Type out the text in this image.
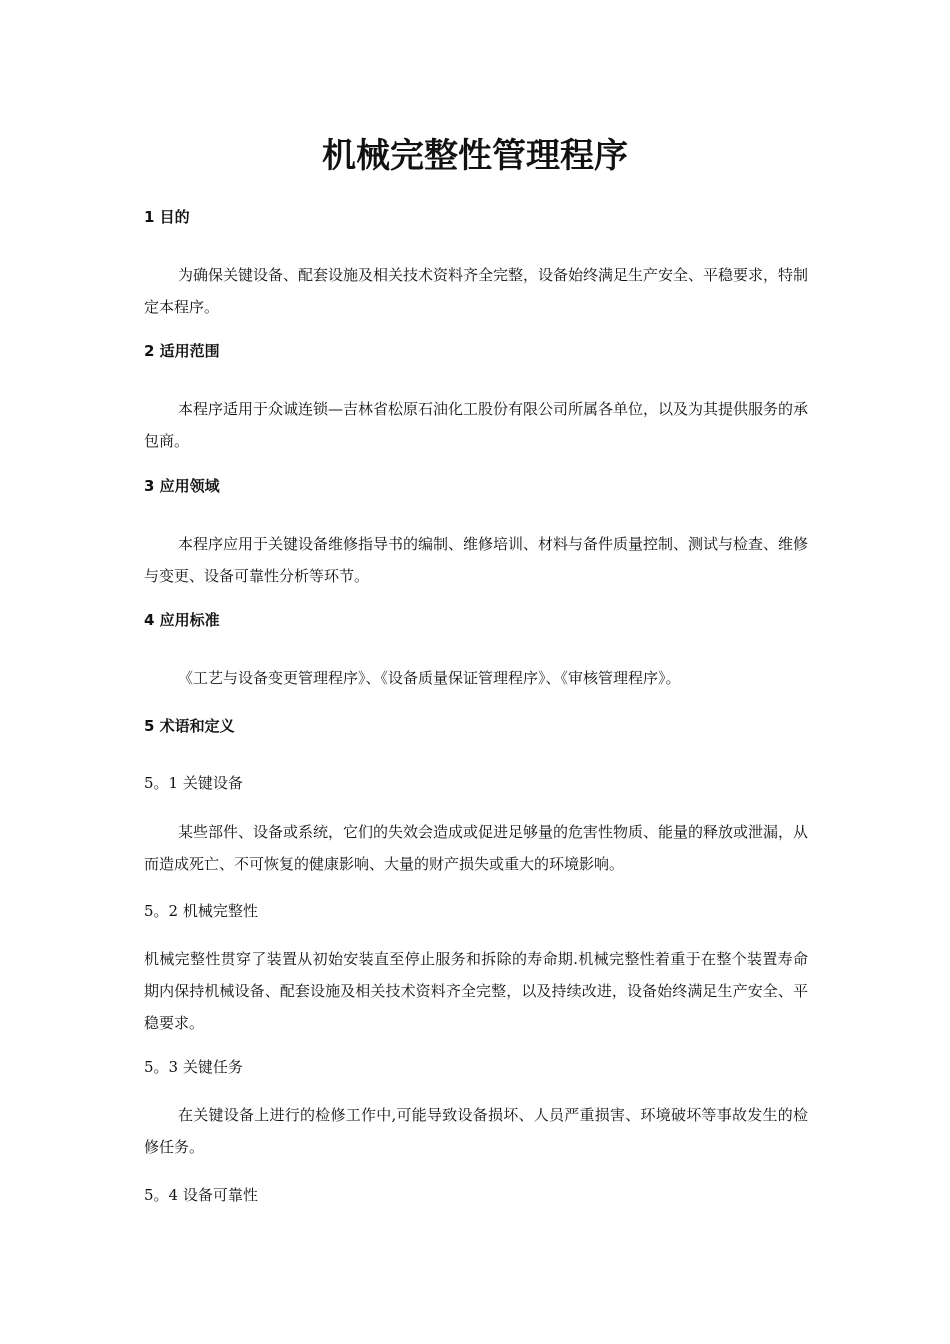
机械完整性管理程序
1 目的
为确保关键设备、配套设施及相关技术资料齐全完整，设备始终满足生产安全、平稳要求，特制定本程序。
2 适用范围
本程序适用于众诚连锁—吉林省松原石油化工股份有限公司所属各单位，以及为其提供服务的承包商。
3 应用领域
本程序应用于关键设备维修指导书的编制、维修培训、材料与备件质量控制、测试与检查、维修与变更、设备可靠性分析等环节。
4 应用标准
《工艺与设备变更管理程序》、《设备质量保证管理程序》、《审核管理程序》。
5 术语和定义
5。1 关键设备
某些部件、设备或系统，它们的失效会造成或促进足够量的危害性物质、能量的释放或泄漏，从而造成死亡、不可恢复的健康影响、大量的财产损失或重大的环境影响。
5。2 机械完整性
机械完整性贯穿了装置从初始安装直至停止服务和拆除的寿命期.机械完整性着重于在整个装置寿命期内保持机械设备、配套设施及相关技术资料齐全完整，以及持续改进，设备始终满足生产安全、平稳要求。
5。3 关键任务
在关键设备上进行的检修工作中,可能导致设备损坏、人员严重损害、环境破坏等事故发生的检修任务。
5。4 设备可靠性
